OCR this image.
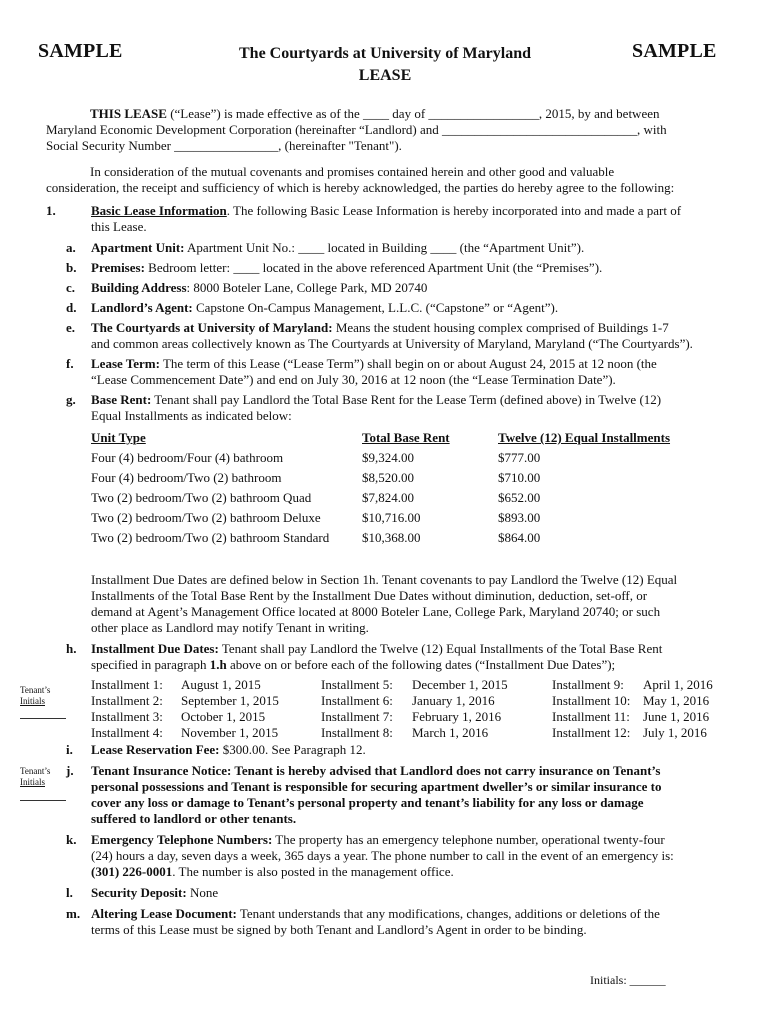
SAMPLE	SAMPLE
The Courtyards at University of Maryland
LEASE
THIS LEASE (“Lease”) is made effective as of the ____ day of _________________, 2015, by and between
Maryland Economic Development Corporation (hereinafter “Landlord) and ______________________________, with
Social Security Number ________________, (hereinafter "Tenant").
In consideration of the mutual covenants and promises contained herein and other good and valuable
consideration, the receipt and sufficiency of which is hereby acknowledged, the parties do hereby agree to the following:
1.	Basic Lease Information. The following Basic Lease Information is hereby incorporated into and made a part of
this Lease.
a.	Apartment Unit: Apartment Unit No.: ____ located in Building ____ (the “Apartment Unit”).
b.	Premises: Bedroom letter: ____ located in the above referenced Apartment Unit (the “Premises”).
c.	Building Address: 8000 Boteler Lane, College Park, MD 20740
d.	Landlord’s Agent: Capstone On-Campus Management, L.L.C. (“Capstone” or “Agent”).
e.	The Courtyards at University of Maryland: Means the student housing complex comprised of Buildings 1-7
and common areas collectively known as The Courtyards at University of Maryland, Maryland (“The Courtyards”).
f.	Lease Term: The term of this Lease (“Lease Term”) shall begin on or about August 24, 2015 at 12 noon (the
“Lease Commencement Date”) and end on July 30, 2016 at 12 noon (the “Lease Termination Date”).
g.	Base Rent: Tenant shall pay Landlord the Total Base Rent for the Lease Term (defined above) in Twelve (12)
Equal Installments as indicated below:
Unit Type	Total Base Rent	Twelve (12) Equal Installments
Four (4) bedroom/Four (4) bathroom	$9,324.00	$777.00
Four (4) bedroom/Two (2) bathroom	$8,520.00	$710.00
Two (2) bedroom/Two (2) bathroom Quad	$7,824.00	$652.00
Two (2) bedroom/Two (2) bathroom Deluxe	$10,716.00	$893.00
Two (2) bedroom/Two (2) bathroom Standard	$10,368.00	$864.00
Installment Due Dates are defined below in Section 1h. Tenant covenants to pay Landlord the Twelve (12) Equal
Installments of the Total Base Rent by the Installment Due Dates without diminution, deduction, set-off, or
demand at Agent’s Management Office located at 8000 Boteler Lane, College Park, Maryland 20740; or such
other place as Landlord may notify Tenant in writing.
h.	Installment Due Dates: Tenant shall pay Landlord the Twelve (12) Equal Installments of the Total Base Rent
specified in paragraph 1.h above on or before each of the following dates (“Installment Due Dates”);
Tenant’s
Initials
Installment 1: August 1, 2015
Installment 2: September 1, 2015
Installment 3: October 1, 2015
Installment 4: November 1, 2015
Installment 5: December 1, 2015
Installment 6: January 1, 2016
Installment 7: February 1, 2016
Installment 8: March 1, 2016
Installment 9: April 1, 2016
Installment 10: May 1, 2016
Installment 11: June 1, 2016
Installment 12: July 1, 2016
i.	Lease Reservation Fee: $300.00. See Paragraph 12.
Tenant’s
Initials
j.	Tenant Insurance Notice: Tenant is hereby advised that Landlord does not carry insurance on Tenant’s
personal possessions and Tenant is responsible for securing apartment dweller’s or similar insurance to
cover any loss or damage to Tenant’s personal property and tenant’s liability for any loss or damage
suffered to landlord or other tenants.
k.	Emergency Telephone Numbers: The property has an emergency telephone number, operational twenty-four
(24) hours a day, seven days a week, 365 days a year. The phone number to call in the event of an emergency is:
(301) 226-0001. The number is also posted in the management office.
l.	Security Deposit: None
m. Altering Lease Document: Tenant understands that any modifications, changes, additions or deletions of the
terms of this Lease must be signed by both Tenant and Landlord’s Agent in order to be binding.
Initials: ______
